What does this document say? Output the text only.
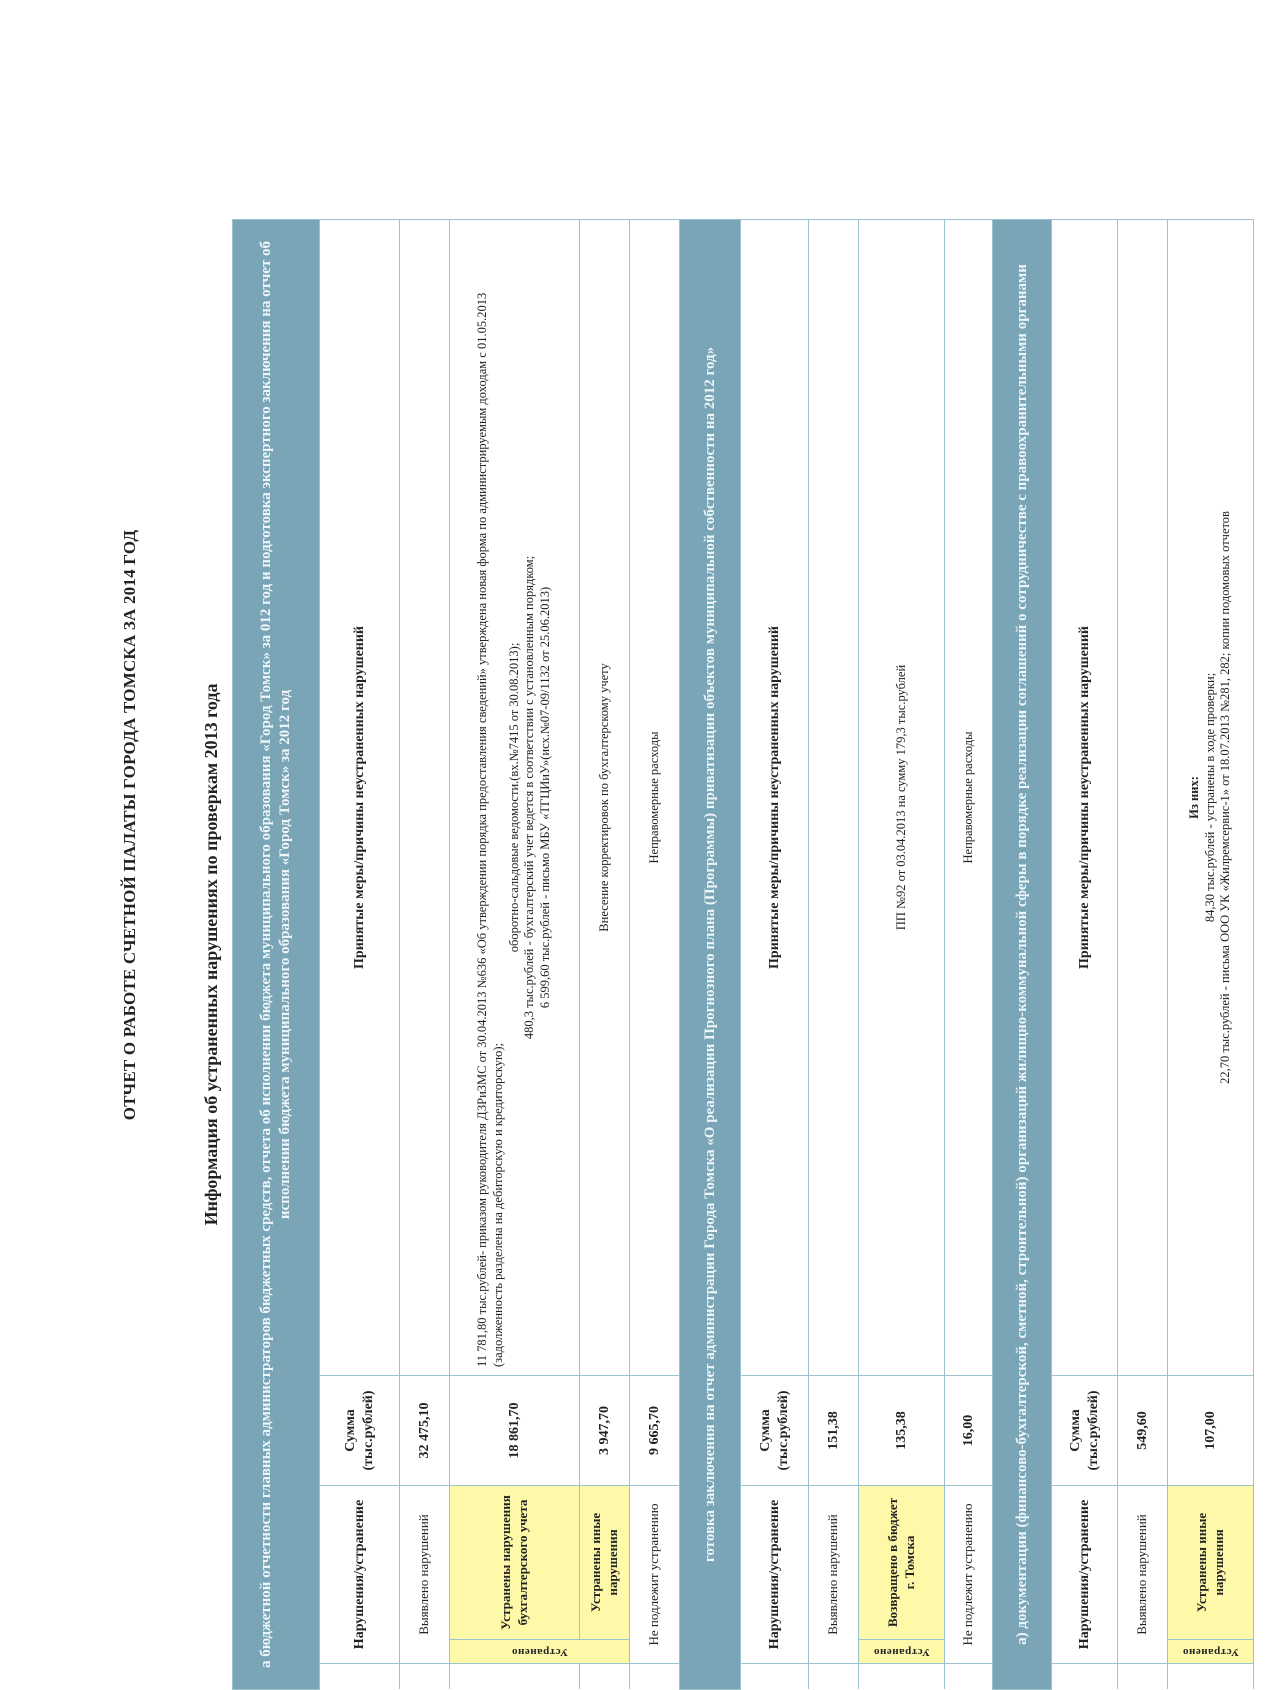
ОТЧЕТ О РАБОТЕ СЧЕТНОЙ ПАЛАТЫ ГОРОДА ТОМСКА ЗА 2014 ГОД	Информация об устраненных нарушениях по проверкам 2013 года				
а бюджетной отчетности главных администраторов бюджетных средств, отчета об исполнении бюджета муниципального образования «Город Томск» за 012 год и подготовка экспертного заключения на отчет об исполнении бюджета муниципального образования «Город Томск» за 2012 год				
	Нарушения/устранение		Сумма (тыс.рублей)	Принятые меры/причины неустраненных нарушений
	Выявлено нарушений		32 475,10	
	Устранено	Устранены нарушения бухгалтерского учета	18 861,70	11 781,80 тыс.рублей- приказом руководителя ДЗРиЗМС от 30.04.2013 №636 «Об утверждении порядка предоставления сведений» утверждена новая форма по администрируемым доходам с 01.05.2013 (задолженность разделена на дебиторскую и кредиторскую);
оборотно-сальдовые ведомости.(вх.№7415 от 30.08.2013); 480,3 тыс.рублей - бухгалтерский учет ведется в соответствии с установленным порядком; 6 599,60 тыс.рублей - письмо МБУ «ТГЦИиУ»(исх.№07-09/1132 от 25.06.2013)

		Устранены иные нарушения	3 947,70	Внесение корректировок по бухгалтерскому учету
	Не подлежит устранению		9 665,70	Неправомерные расходы
готовка заключения на отчет администрации Города Томска «О реализации Прогнозного плана (Программы) приватизации объектов муниципальной собственности на 2012 год»				
	Нарушения/устранение		Сумма (тыс.рублей)	Принятые меры/причины неустраненных нарушений
	Выявлено нарушений		151,38	
	Устранено	Возвращено в бюджет г. Томска	135,38	ПП №92 от 03.04.2013 на сумму 179,3 тыс.рублей
	Не подлежит устранению		16,00	Неправомерные расходы
а) документации (финансово-бухгалтерской, сметной, строительной) организаций жилищно-коммунальной сферы в порядке реализации соглашений о сотрудничестве с правоохранительными органами				
	Нарушения/устранение		Сумма (тыс.рублей)	Принятые меры/причины неустраненных нарушений
	Выявлено нарушений		549,60	
	Устранено	Устранены иные нарушения	107,00	Из них: 84,30 тыс.рублей - устранены в ходе проверки; 22,70 тыс.рублей - письма ООО УК «Жилремсервис-1» от 18.07.2013 №281, 282; копии подомовых отчетов
